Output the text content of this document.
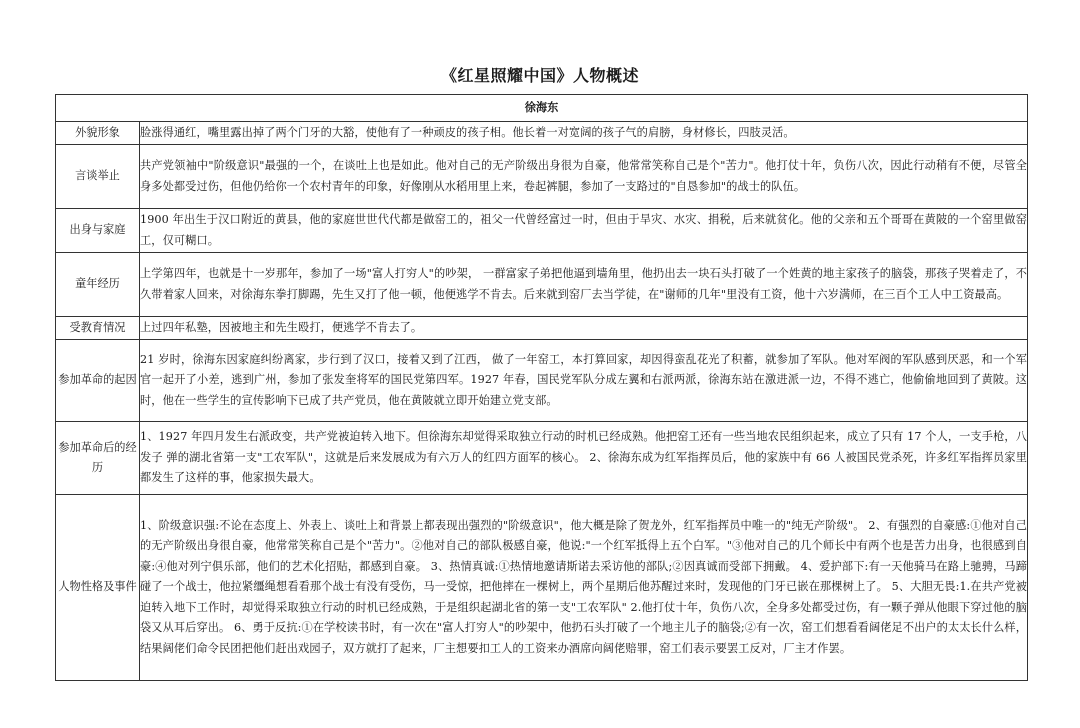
《红星照耀中国》人物概述
徐海东	
外貌形象	脸涨得通红，嘴里露出掉了两个门牙的大豁，使他有了一种顽皮的孩子相。他长着一对宽阔的孩子气的肩膀，身材修长，四肢灵活。
言谈举止	共产党领袖中"阶级意识"最强的一个，在谈吐上也是如此。他对自己的无产阶级出身很为自豪，他常常笑称自己是个"苦力"。他打仗十年，负伤八次，因此行动稍有不便，尽管全身多处都受过伤，但他仍给你一个农村青年的印象，好像刚从水稻用里上来，卷起裤腿，参加了一支路过的"自恳参加"的战士的队伍。
出身与家庭	1900 年出生于汉口附近的黄县，他的家庭世世代代都是做窑工的，祖父一代曾经富过一时，但由于旱灾、水灾、捐税，后来就贫化。他的父亲和五个哥哥在黄陂的一个窑里做窑工，仅可糊口。
童年经历	上学第四年，也就是十一岁那年，参加了一场"富人打穷人"的吵架， 一群富家子弟把他逼到墙角里，他扔出去一块石头打破了一个姓黄的地主家孩子的脑袋，那孩子哭着走了，不久带着家人回来，对徐海东拳打脚踢，先生又打了他一顿，他便逃学不肯去。后来就到窑厂去当学徒，在"谢师的几年"里没有工资，他十六岁满师，在三百个工人中工资最高。
受教育情况	上过四年私塾，因被地主和先生殴打，便逃学不肯去了。
参加革命的起因	21 岁时，徐海东因家庭纠纷离家，步行到了汉口，接着又到了江西， 做了一年窑工，本打算回家，却因得蛮乱花光了积蓄，就参加了军队。他对军阀的军队感到厌恶，和一个军官一起开了小差，逃到广州，参加了张发奎将军的国民党第四军。1927 年春，国民党军队分成左翼和右派两派，徐海东站在激进派一边，不得不逃亡，他偷偷地回到了黄陂。这时，他在一些学生的宣传影响下已成了共产党员，他在黄陂就立即开始建立党支部。
参加革命后的经历	1、1927 年四月发生右派政变，共产党被迫转入地下。但徐海东却觉得采取独立行动的时机已经成熟。他把窑工还有一些当地农民组织起来，成立了只有 17 个人，一支手枪，八发子 弹的湖北省第一支"工农军队"，这就是后来发展成为有六万人的红四方面军的核心。 2、徐海东成为红军指挥员后，他的家族中有 66 人被国民党杀死，许多红军指挥员家里都发生了这样的事，他家损失最大。
人物性格及事件	1、阶级意识强:不论在态度上、外表上、谈吐上和背景上都表现出强烈的"阶级意识"，他大概是除了贺龙外，红军指挥员中唯一的"纯无产阶级"。 2、有强烈的自豪感:①他对自己的无产阶级出身很自豪，他常常笑称自己是个"苦力"。②他对自己的部队极感自豪，他说:"一个红军抵得上五个白军。"③他对自己的几个师长中有两个也是苦力出身，也很感到自豪:④他对列宁俱乐部，他们的艺术化招贴，都感到自豪。 3、热情真诚:①热情地邀请斯诺去采访他的部队;②因真诚而受部下拥戴。 4、爱护部下:有一天他骑马在路上驰骋，马蹄碰了一个战士，他拉紧缰绳想看看那个战士有没有受伤，马一受惊，把他摔在一棵树上，两个星期后他苏醒过来时，发现他的门牙已嵌在那棵树上了。 5、大胆无畏:1.在共产党被迫转入地下工作时，却觉得采取独立行动的时机已经成熟，于是组织起湖北省的第一支"工农军队" 2.他打仗十年，负伤八次，全身多处都受过伤，有一颗子弹从他眼下穿过他的脑袋又从耳后穿出。 6、勇于反抗:①在学校读书时，有一次在"富人打穷人"的吵架中，他扔石头打破了一个地主儿子的脑袋;②有一次，窑工们想看看阔佬足不出户的太太长什么样，结果阔佬们命令民团把他们赶出戏园子，双方就打了起来，厂主想要扣工人的工资来办酒席向阔佬赔罪，窑工们表示要罢工反对，厂主才作罢。
